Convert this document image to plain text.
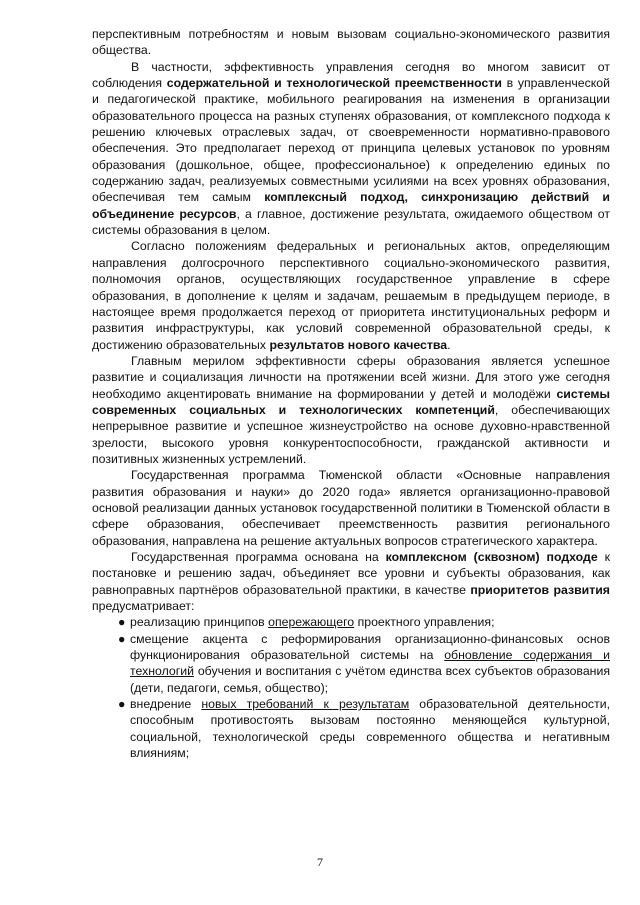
перспективным потребностям и новым вызовам социально-экономического развития общества.

В частности, эффективность управления сегодня во многом зависит от соблюдения содержательной и технологической преемственности в управленческой и педагогической практике, мобильного реагирования на изменения в организации образовательного процесса на разных ступенях образования, от комплексного подхода к решению ключевых отраслевых задач, от своевременности нормативно-правового обеспечения. Это предполагает переход от принципа целевых установок по уровням образования (дошкольное, общее, профессиональное) к определению единых по содержанию задач, реализуемых совместными усилиями на всех уровнях образования, обеспечивая тем самым комплексный подход, синхронизацию действий и объединение ресурсов, а главное, достижение результата, ожидаемого обществом от системы образования в целом.

Согласно положениям федеральных и региональных актов, определяющим направления долгосрочного перспективного социально-экономического развития, полномочия органов, осуществляющих государственное управление в сфере образования, в дополнение к целям и задачам, решаемым в предыдущем периоде, в настоящее время продолжается переход от приоритета институциональных реформ и развития инфраструктуры, как условий современной образовательной среды, к достижению образовательных результатов нового качества.

Главным мерилом эффективности сферы образования является успешное развитие и социализация личности на протяжении всей жизни. Для этого уже сегодня необходимо акцентировать внимание на формировании у детей и молодёжи системы современных социальных и технологических компетенций, обеспечивающих непрерывное развитие и успешное жизнеустройство на основе духовно-нравственной зрелости, высокого уровня конкурентоспособности, гражданской активности и позитивных жизненных устремлений.

Государственная программа Тюменской области «Основные направления развития образования и науки» до 2020 года» является организационно-правовой основой реализации данных установок государственной политики в Тюменской области в сфере образования, обеспечивает преемственность развития регионального образования, направлена на решение актуальных вопросов стратегического характера.

Государственная программа основана на комплексном (сквозном) подходе к постановке и решению задач, объединяет все уровни и субъекты образования, как равноправных партнёров образовательной практики, в качестве приоритетов развития предусматривает:

● реализацию принципов опережающего проектного управления;
● смещение акцента с реформирования организационно-финансовых основ функционирования образовательной системы на обновление содержания и технологий обучения и воспитания с учётом единства всех субъектов образования (дети, педагоги, семья, общество);
● внедрение новых требований к результатам образовательной деятельности, способным противостоять вызовам постоянно меняющейся культурной, социальной, технологической среды современного общества и негативным влияниям;
7
